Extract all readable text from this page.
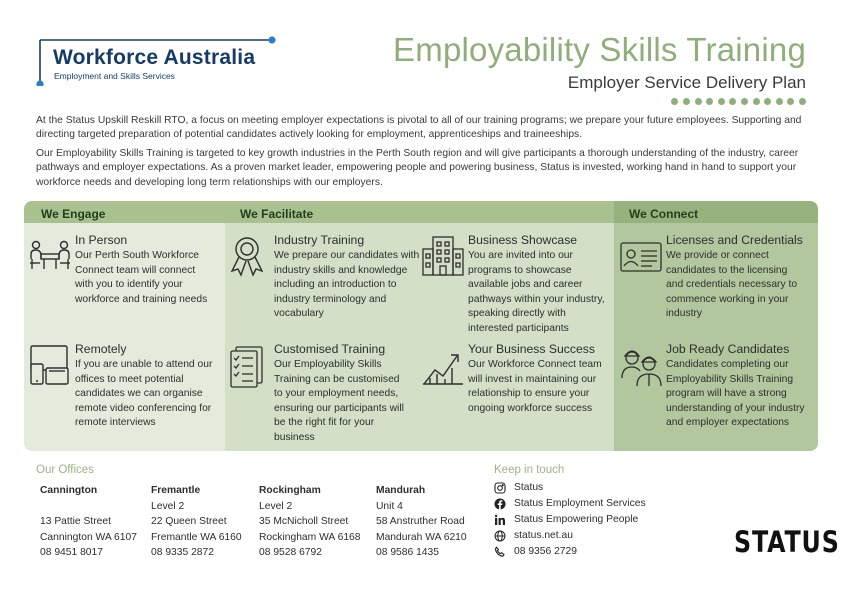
Workforce Australia
Employment and Skills Services
Employability Skills Training
Employer Service Delivery Plan

At the Status Upskill Reskill RTO, a focus on meeting employer expectations is pivotal to all of our training programs; we prepare your future employees. Supporting and directing targeted preparation of potential candidates actively looking for employment, apprenticeships and traineeships.

Our Employability Skills Training is targeted to key growth industries in the Perth South region and will give participants a thorough understanding of the industry, career pathways and employer expectations. As a proven market leader, empowering people and powering business, Status is invested, working hand in hand to support your workforce needs and developing long term relationships with our employers.

We Engage	We Facilitate	We Connect
In Person
Our Perth South Workforce Connect team will connect with you to identify your workforce and training needs
Remotely
If you are unable to attend our offices to meet potential candidates we can organise remote video conferencing for remote interviews
Industry Training
We prepare our candidates with industry skills and knowledge including an introduction to industry terminology and vocabulary
Customised Training
Our Employability Skills Training can be customised to your employment needs, ensuring our participants will be the right fit for your business
Business Showcase
You are invited into our programs to showcase available jobs and career pathways within your industry, speaking directly with interested participants
Your Business Success
Our Workforce Connect team will invest in maintaining our relationship to ensure your ongoing workforce success
Licenses and Credentials
We provide or connect candidates to the licensing and credentials necessary to commence working in your industry
Job Ready Candidates
Candidates completing our Employability Skills Training program will have a strong understanding of your industry and employer expectations
Our Offices
Cannington
13 Pattie Street
Cannington WA 6107
08 9451 8017
Fremantle
Level 2
22 Queen Street
Fremantle WA 6160
08 9335 2872
Rockingham
Level 2
35 McNicholl Street
Rockingham WA 6168
08 9528 6792
Mandurah
Unit 4
58 Anstruther Road
Mandurah WA 6210
08 9586 1435
Keep in touch
Status
Status Employment Services
Status Empowering People
status.net.au
08 9356 2729	STATUS
